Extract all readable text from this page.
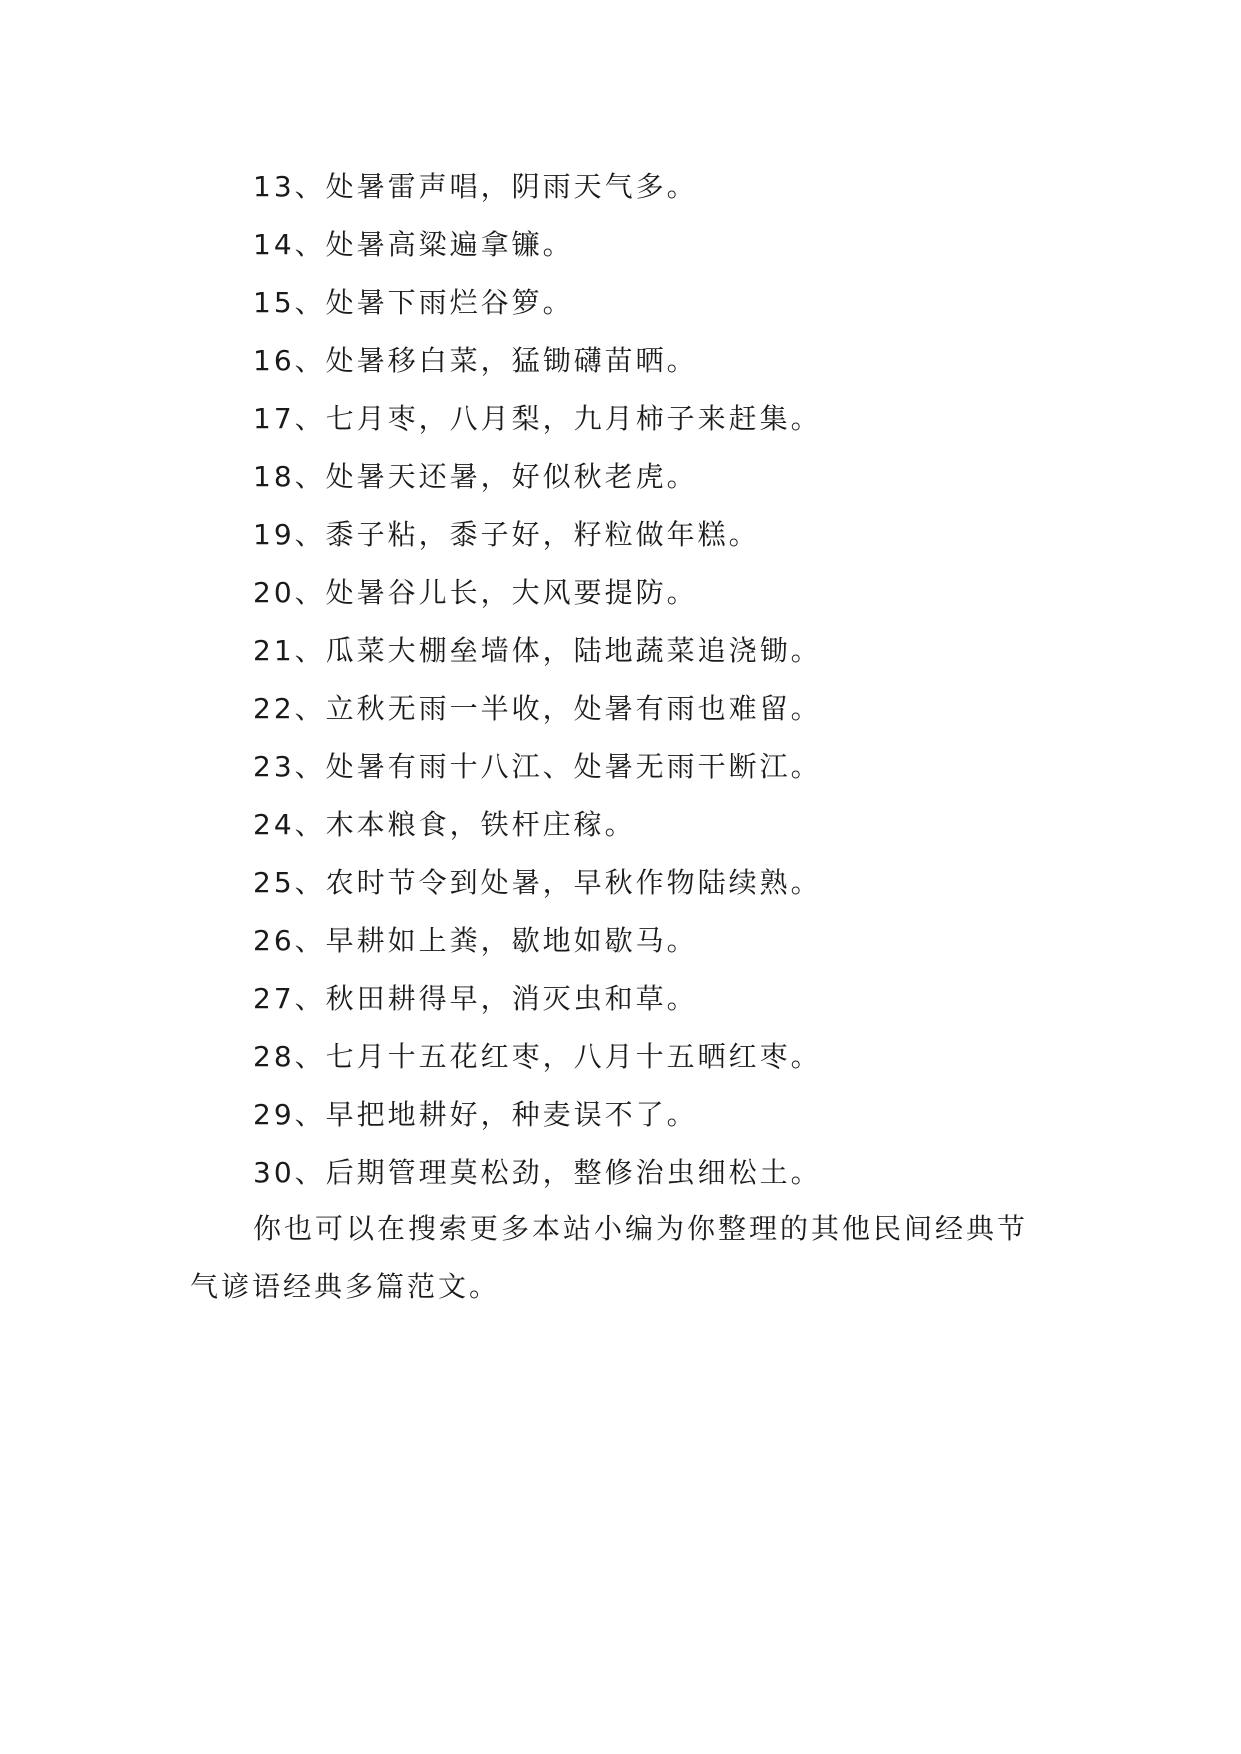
13、处暑雷声唱，阴雨天气多。
14、处暑高粱遍拿镰。
15、处暑下雨烂谷箩。
16、处暑移白菜，猛锄礴苗晒。
17、七月枣，八月梨，九月柿子来赶集。
18、处暑天还暑，好似秋老虎。
19、黍子粘，黍子好，籽粒做年糕。
20、处暑谷儿长，大风要提防。
21、瓜菜大棚垒墙体，陆地蔬菜追浇锄。
22、立秋无雨一半收，处暑有雨也难留。
23、处暑有雨十八江、处暑无雨干断江。
24、木本粮食，铁杆庄稼。
25、农时节令到处暑，早秋作物陆续熟。
26、早耕如上粪，歇地如歇马。
27、秋田耕得早，消灭虫和草。
28、七月十五花红枣，八月十五晒红枣。
29、早把地耕好，种麦误不了。
30、后期管理莫松劲，整修治虫细松土。

你也可以在搜索更多本站小编为你整理的其他民间经典节气谚语经典多篇范文。
